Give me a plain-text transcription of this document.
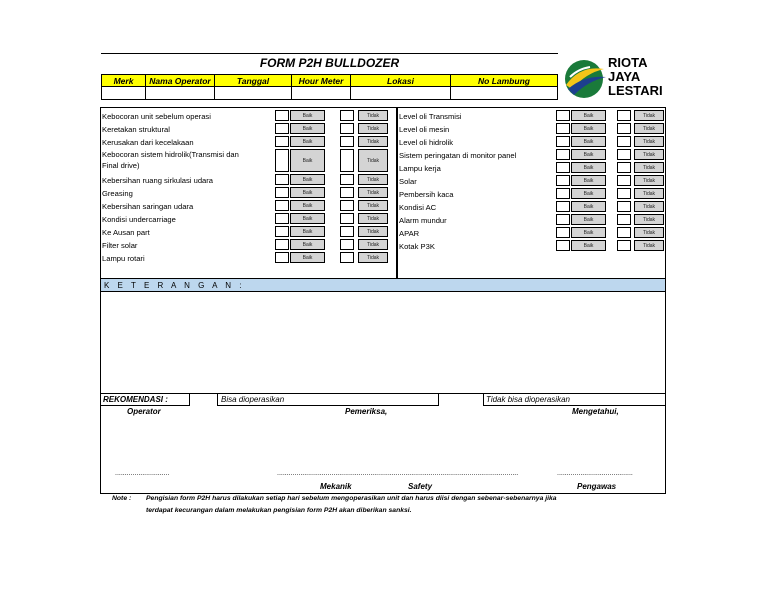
FORM P2H BULLDOZER	RIOTA
JAYA
LESTARI
Merk	Nama Operator	Tanggal	Hour Meter	Lokasi	No Lambung
Kebocoran unit sebelum operasi	Baik	Tidak
Keretakan struktural	Baik	Tidak
Kerusakan dari kecelakaan	Baik	Tidak
Kebocoran sistem hidrolik(Transmisi dan
Final drive)	Baik	Tidak
Kebersihan ruang sirkulasi udara	Baik	Tidak
Greasing	Baik	Tidak
Kebersihan saringan udara	Baik	Tidak
Kondisi undercarriage	Baik	Tidak
Ke Ausan part	Baik	Tidak
Filter solar	Baik	Tidak
Lampu rotari	Baik	Tidak
Level oli Transmisi	Baik	Tidak
Level oli mesin	Baik	Tidak
Level oli hidrolik	Baik	Tidak
Sistem peringatan di monitor panel	Baik	Tidak
Lampu kerja	Baik	Tidak
Solar	Baik	Tidak
Pembersih kaca	Baik	Tidak
Kondisi AC	Baik	Tidak
Alarm mundur	Baik	Tidak
APAR	Baik	Tidak
Kotak P3K	Baik	Tidak
K E T E R A N G A N :
REKOMENDASI :	Bisa dioperasikan	Tidak bisa dioperasikan
Operator	Pemeriksa,	Mengetahui,
............................	............................................................................................................................	.......................................
Mekanik	Safety	Pengawas
Note : Pengisian form P2H harus dilakukan setiap hari sebelum mengoperasikan unit dan harus diisi dengan sebenar-sebenarnya jika
terdapat kecurangan dalam melakukan pengisian form P2H akan diberikan sanksi.
